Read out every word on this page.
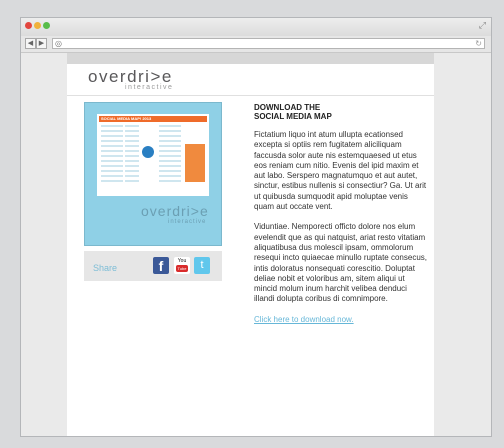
⤢
◀ ▶	◎	↻
overdri>e
interactive
SOCIAL MEDIA MAP! 2013
overdri>e
interactive
Share	f	You
Tube	t
DOWNLOAD THE
SOCIAL MEDIA MAP

Fictatium liquo int atum ullupta ecationsed excepta si optiis rem fugitatem aliciliquam faccusda solor aute nis estemquaesed ut etus eos reniam cum nitio. Evenis del ipid maxim et aut labo. Serspero magnatumquo et aut autet, sinctur, estibus nullenis si consectiur? Ga. Ut arit ut quibusda sumquodit apid moluptae venis quam aut occate vent.

Viduntiae. Nemporecti officto dolore nos elum evelendit que as qui natquist, ariat resto vitatiam aliquatibusa dus molescil ipsam, ommolorum resequi incto quiaecae minullo ruptate consecus, intis doloratus nonsequati corescitio. Doluptat deliae nobit et voloribus am, sitem aliqui ut mincid molum inum harchit velibea denduci illandi dolupta coribus di comnimpore.

Click here to download now.
